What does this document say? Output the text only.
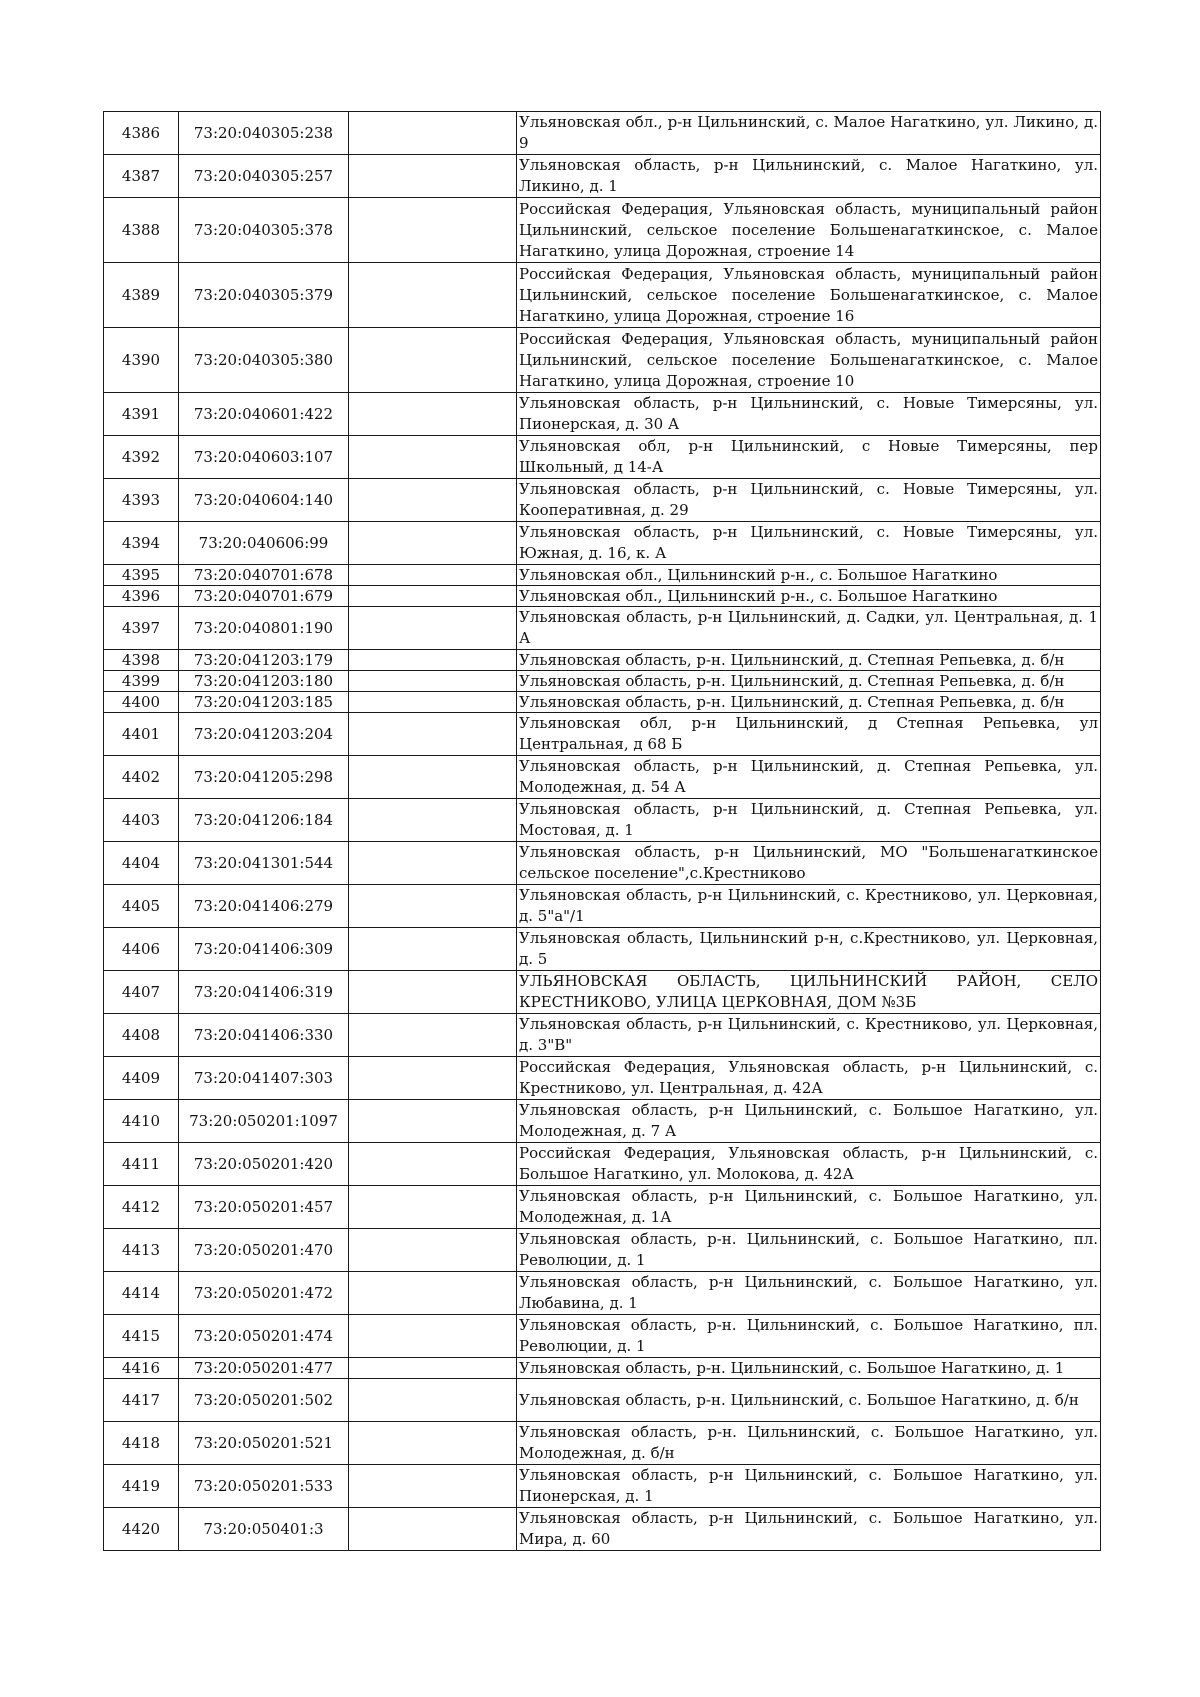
4386	73:20:040305:238		Ульяновская обл., р-н Цильнинский, с. Малое Нагаткино, ул. Ликино, д. 9
4387	73:20:040305:257		Ульяновская область, р-н Цильнинский, с. Малое Нагаткино, ул. Ликино, д. 1
4388	73:20:040305:378		Российская Федерация, Ульяновская область, муниципальный район Цильнинский, сельское поселение Большенагаткинское, с. Малое Нагаткино, улица Дорожная, строение 14
4389	73:20:040305:379		Российская Федерация, Ульяновская область, муниципальный район Цильнинский, сельское поселение Большенагаткинское, с. Малое Нагаткино, улица Дорожная, строение 16
4390	73:20:040305:380		Российская Федерация, Ульяновская область, муниципальный район Цильнинский, сельское поселение Большенагаткинское, с. Малое Нагаткино, улица Дорожная, строение 10
4391	73:20:040601:422		Ульяновская область, р-н Цильнинский, с. Новые Тимерсяны, ул. Пионерская, д. 30 А
4392	73:20:040603:107		Ульяновская обл, р-н Цильнинский, с Новые Тимерсяны, пер Школьный, д 14-А
4393	73:20:040604:140		Ульяновская область, р-н Цильнинский, с. Новые Тимерсяны, ул. Кооперативная, д. 29
4394	73:20:040606:99		Ульяновская область, р-н Цильнинский, с. Новые Тимерсяны, ул. Южная, д. 16, к. А
4395	73:20:040701:678		Ульяновская обл., Цильнинский р-н., с. Большое Нагаткино
4396	73:20:040701:679		Ульяновская обл., Цильнинский р-н., с. Большое Нагаткино
4397	73:20:040801:190		Ульяновская область, р-н Цильнинский, д. Садки, ул. Центральная, д. 1 А
4398	73:20:041203:179		Ульяновская область, р-н. Цильнинский, д. Степная Репьевка, д. б/н
4399	73:20:041203:180		Ульяновская область, р-н. Цильнинский, д. Степная Репьевка, д. б/н
4400	73:20:041203:185		Ульяновская область, р-н. Цильнинский, д. Степная Репьевка, д. б/н
4401	73:20:041203:204		Ульяновская обл, р-н Цильнинский, д Степная Репьевка, ул Центральная, д 68 Б
4402	73:20:041205:298		Ульяновская область, р-н Цильнинский, д. Степная Репьевка, ул. Молодежная, д. 54 А
4403	73:20:041206:184		Ульяновская область, р-н Цильнинский, д. Степная Репьевка, ул. Мостовая, д. 1
4404	73:20:041301:544		Ульяновская область, р-н Цильнинский, МО "Большенагаткинское сельское поселение",с.Крестниково
4405	73:20:041406:279		Ульяновская область, р-н Цильнинский, с. Крестниково, ул. Церковная, д. 5"а"/1
4406	73:20:041406:309		Ульяновская область, Цильнинский р-н, с.Крестниково, ул. Церковная, д. 5
4407	73:20:041406:319		УЛЬЯНОВСКАЯ ОБЛАСТЬ, ЦИЛЬНИНСКИЙ РАЙОН, СЕЛО КРЕСТНИКОВО, УЛИЦА ЦЕРКОВНАЯ, ДОМ №3Б
4408	73:20:041406:330		Ульяновская область, р-н Цильнинский, с. Крестниково, ул. Церковная, д. 3"В"
4409	73:20:041407:303		Российская Федерация, Ульяновская область, р-н Цильнинский, с. Крестниково, ул. Центральная, д. 42А
4410	73:20:050201:1097		Ульяновская область, р-н Цильнинский, с. Большое Нагаткино, ул. Молодежная, д. 7 А
4411	73:20:050201:420		Российская Федерация, Ульяновская область, р-н Цильнинский, с. Большое Нагаткино, ул. Молокова, д. 42А
4412	73:20:050201:457		Ульяновская область, р-н Цильнинский, с. Большое Нагаткино, ул. Молодежная, д. 1А
4413	73:20:050201:470		Ульяновская область, р-н. Цильнинский, с. Большое Нагаткино, пл. Революции, д. 1
4414	73:20:050201:472		Ульяновская область, р-н Цильнинский, с. Большое Нагаткино, ул. Любавина, д. 1
4415	73:20:050201:474		Ульяновская область, р-н. Цильнинский, с. Большое Нагаткино, пл. Революции, д. 1
4416	73:20:050201:477		Ульяновская область, р-н. Цильнинский, с. Большое Нагаткино, д. 1
4417	73:20:050201:502		Ульяновская область, р-н. Цильнинский, с. Большое Нагаткино, д. б/н
4418	73:20:050201:521		Ульяновская область, р-н. Цильнинский, с. Большое Нагаткино, ул. Молодежная, д. б/н
4419	73:20:050201:533		Ульяновская область, р-н Цильнинский, с. Большое Нагаткино, ул. Пионерская, д. 1
4420	73:20:050401:3		Ульяновская область, р-н Цильнинский, с. Большое Нагаткино, ул. Мира, д. 60
